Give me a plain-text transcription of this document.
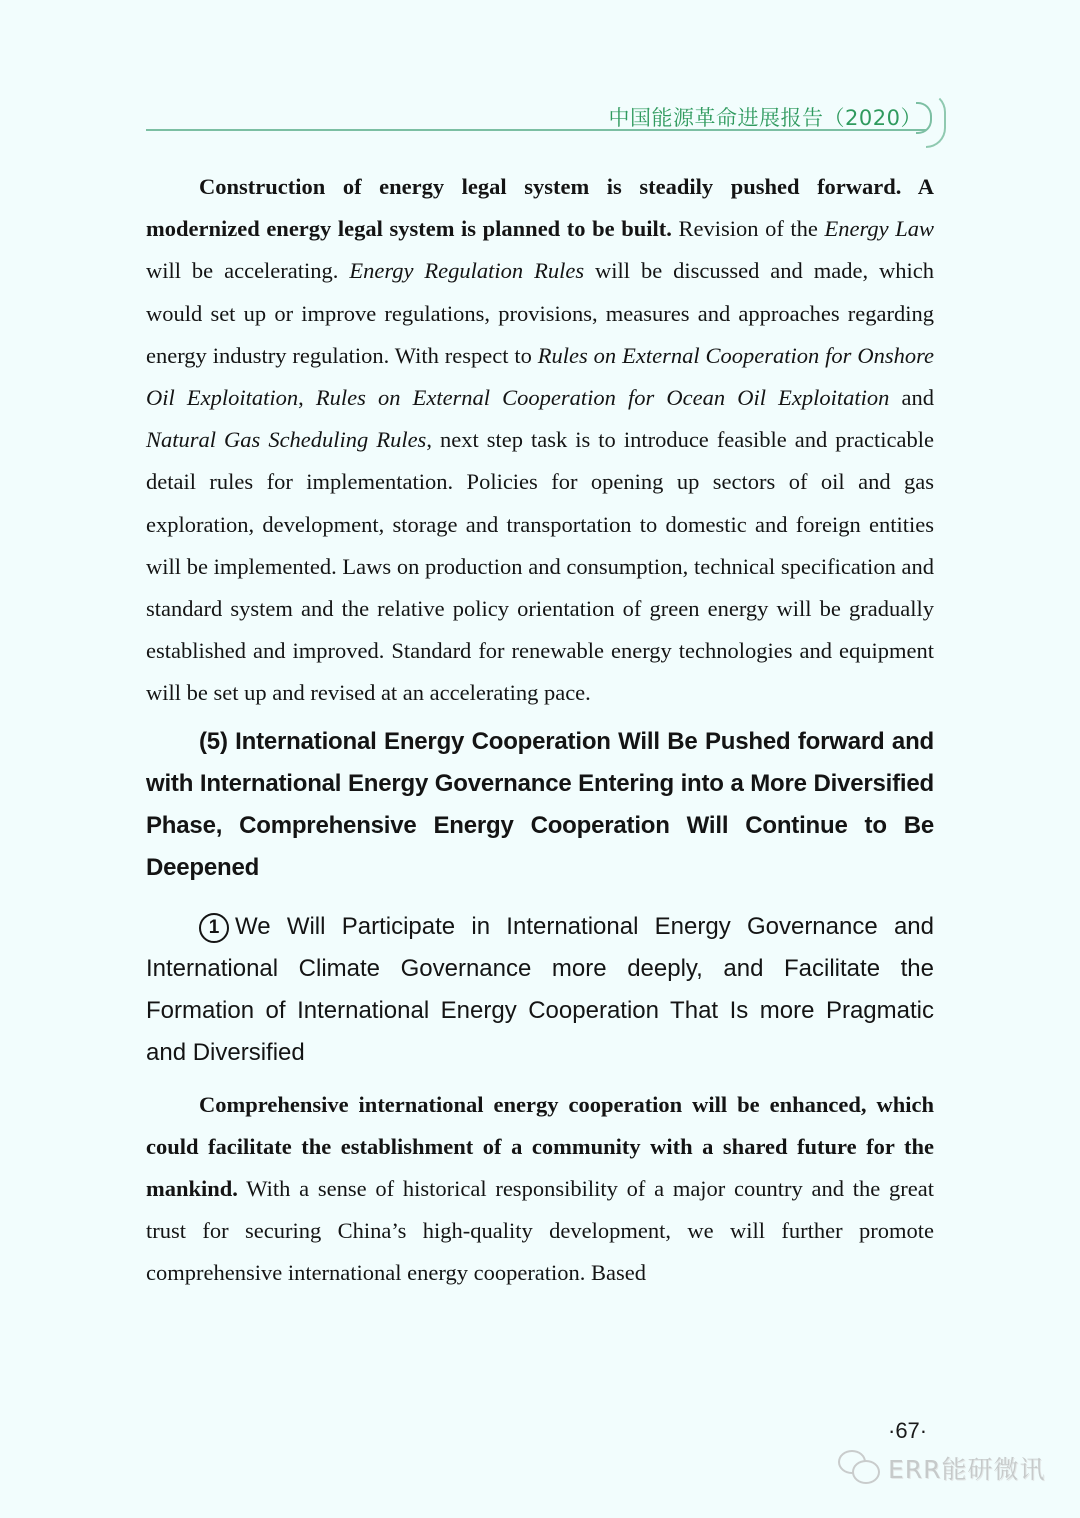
中国能源革命进展报告（2020）

Construction of energy legal system is steadily pushed forward. A modernized energy legal system is planned to be built. Revision of the Energy Law will be accelerating. Energy Regulation Rules will be discussed and made, which would set up or improve regulations, provisions, measures and approaches regarding energy industry regulation. With respect to Rules on External Cooperation for Onshore Oil Exploitation, Rules on External Cooperation for Ocean Oil Exploitation and Natural Gas Scheduling Rules, next step task is to introduce feasible and practicable detail rules for implementation. Policies for opening up sectors of oil and gas exploration, development, storage and transportation to domestic and foreign entities will be implemented. Laws on production and consumption, technical specification and standard system and the relative policy orientation of green energy will be gradually established and improved. Standard for renewable energy technologies and equipment will be set up and revised at an accelerating pace.

(5) International Energy Cooperation Will Be Pushed forward and with International Energy Governance Entering into a More Diversified Phase, Comprehensive Energy Cooperation Will Continue to Be Deepened
1 We Will Participate in International Energy Governance and International Climate Governance more deeply, and Facilitate the Formation of International Energy Cooperation That Is more Pragmatic and Diversified

Comprehensive international energy cooperation will be enhanced, which could facilitate the establishment of a community with a shared future for the mankind. With a sense of historical responsibility of a major country and the great trust for securing China’s high-quality development, we will further promote comprehensive international energy cooperation. Based

·67·
ERR能研微讯
